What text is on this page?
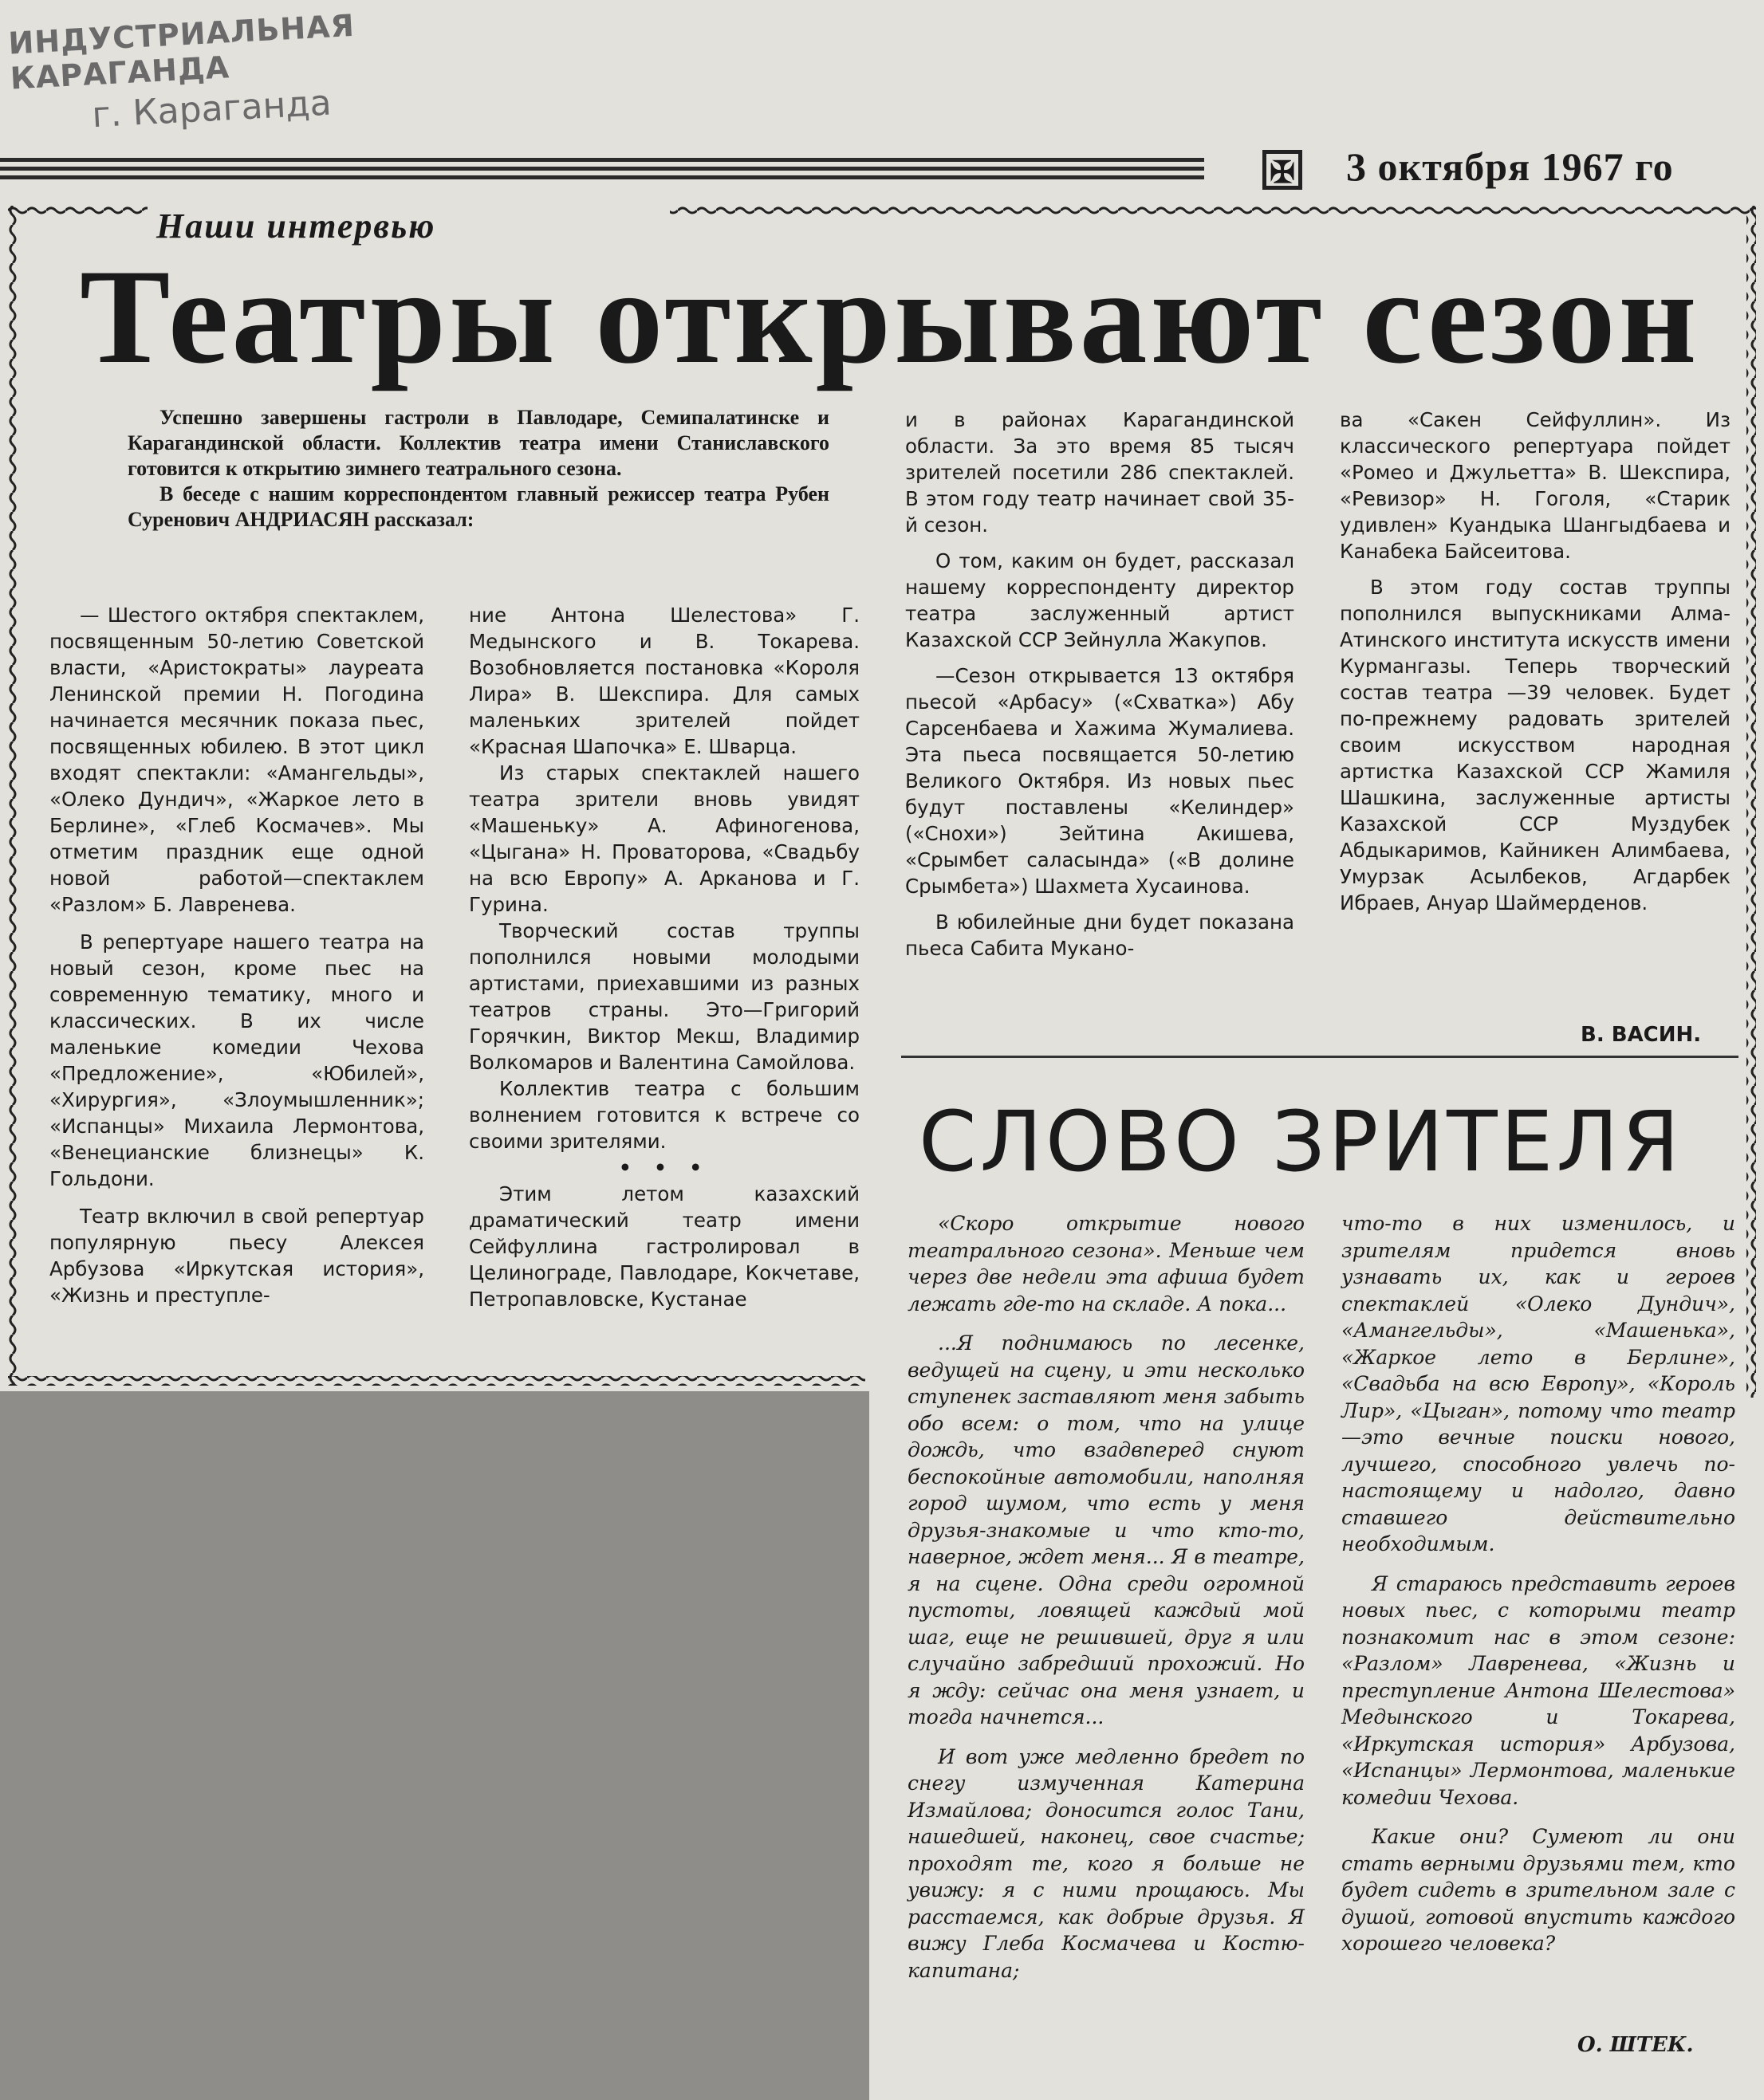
ИНДУСТРИАЛЬНАЯ КАРАГАНДА
г. Караганда
✠ 3 октября 1967 го
Наши интервью
Театры открывают сезон

Успешно завершены гастроли в Павлодаре, Семипалатинске и Карагандинской области. Коллектив театра имени Станиславского готовится к открытию зимнего театрального сезона.

В беседе с нашим корреспондентом главный режиссер театра Рубен Суренович АНДРИАСЯН рассказал:

— Шестого октября спектаклем, посвященным 50-летию Советской власти, «Аристократы» лауреата Ленинской премии Н. Погодина начинается месячник показа пьес, посвященных юбилею. В этот цикл входят спектакли: «Амангельды», «Олеко Дундич», «Жаркое лето в Берлине», «Глеб Космачев». Мы отметим праздник еще одной новой работой—спектаклем «Разлом» Б. Лавренева.

В репертуаре нашего театра на новый сезон, кроме пьес на современную тематику, много и классических. В их числе маленькие комедии Чехова «Предложение», «Юбилей», «Хирургия», «Злоумышленник»; «Испанцы» Михаила Лермонтова, «Венецианские близнецы» К. Гольдони.

Театр включил в свой репертуар популярную пьесу Алексея Арбузова «Иркутская история», «Жизнь и преступле-

ние Антона Шелестова» Г. Медынского и В. Токарева. Возобновляется постановка «Короля Лира» В. Шекспира. Для самых маленьких зрителей пойдет «Красная Шапочка» Е. Шварца.

Из старых спектаклей нашего театра зрители вновь увидят «Машеньку» А. Афиногенова, «Цыгана» Н. Проваторова, «Свадьбу на всю Европу» А. Арканова и Г. Гурина.

Творческий состав труппы пополнился новыми молодыми артистами, приехавшими из разных театров страны. Это—Григорий Горячкин, Виктор Мекш, Владимир Волкомаров и Валентина Самойлова.

Коллектив театра с большим волнением готовится к встрече со своими зрителями.

• • •

Этим летом казахский драматический театр имени Сейфуллина гастролировал в Целинограде, Павлодаре, Кокчетаве, Петропавловске, Кустанае

и в районах Карагандинской области. За это время 85 тысяч зрителей посетили 286 спектаклей. В этом году театр начинает свой 35-й сезон.

О том, каким он будет, рассказал нашему корреспонденту директор театра заслуженный артист Казахской ССР Зейнулла Жакупов.

—Сезон открывается 13 октября пьесой «Арбасу» («Схватка») Абу Сарсенбаева и Хажима Жумалиева. Эта пьеса посвящается 50-летию Великого Октября. Из новых пьес будут поставлены «Келиндер» («Снохи») Зейтина Акишева, «Срымбет саласында» («В долине Срымбета») Шахмета Хусаинова.

В юбилейные дни будет показана пьеса Сабита Мукано-

ва «Сакен Сейфуллин». Из классического репертуара пойдет «Ромео и Джульетта» В. Шекспира, «Ревизор» Н. Гоголя, «Старик удивлен» Куандыка Шангыдбаева и Канабека Байсеитова.

В этом году состав труппы пополнился выпускниками Алма-Атинского института искусств имени Курмангазы. Теперь творческий состав театра —39 человек. Будет по-прежнему радовать зрителей своим искусством народная артистка Казахской ССР Жамиля Шашкина, заслуженные артисты Казахской ССР Муздубек Абдыкаримов, Кайникен Алимбаева, Умурзак Асылбеков, Агдарбек Ибраев, Ануар Шаймерденов.

В. ВАСИН.
СЛОВО ЗРИТЕЛЯ

«Скоро открытие нового театрального сезона». Меньше чем через две недели эта афиша будет лежать где-то на складе. А пока...

...Я поднимаюсь по лесенке, ведущей на сцену, и эти несколько ступенек заставляют меня забыть обо всем: о том, что на улице дождь, что взадвперед снуют беспокойные автомобили, наполняя город шумом, что есть у меня друзья-знакомые и что кто-то, наверное, ждет меня... Я в театре, я на сцене. Одна среди огромной пустоты, ловящей каждый мой шаг, еще не решившей, друг я или случайно забредший прохожий. Но я жду: сейчас она меня узнает, и тогда начнется...

И вот уже медленно бредет по снегу измученная Катерина Измайлова; доносится голос Тани, нашедшей, наконец, свое счастье; проходят те, кого я больше не увижу: я с ними прощаюсь. Мы расстаемся, как добрые друзья. Я вижу Глеба Космачева и Костю-капитана;

что-то в них изменилось, и зрителям придется вновь узнавать их, как и героев спектаклей «Олеко Дундич», «Амангельды», «Машенька», «Жаркое лето в Берлине», «Свадьба на всю Европу», «Король Лир», «Цыган», потому что театр—это вечные поиски нового, лучшего, способного увлечь по-настоящему и надолго, давно ставшего действительно необходимым.

Я стараюсь представить героев новых пьес, с которыми театр познакомит нас в этом сезоне: «Разлом» Лавренева, «Жизнь и преступление Антона Шелестова» Медынского и Токарева, «Иркутская история» Арбузова, «Испанцы» Лермонтова, маленькие комедии Чехова.

Какие они? Сумеют ли они стать верными друзьями тем, кто будет сидеть в зрительном зале с душой, готовой впустить каждого хорошего человека?

О. ШТЕК.
